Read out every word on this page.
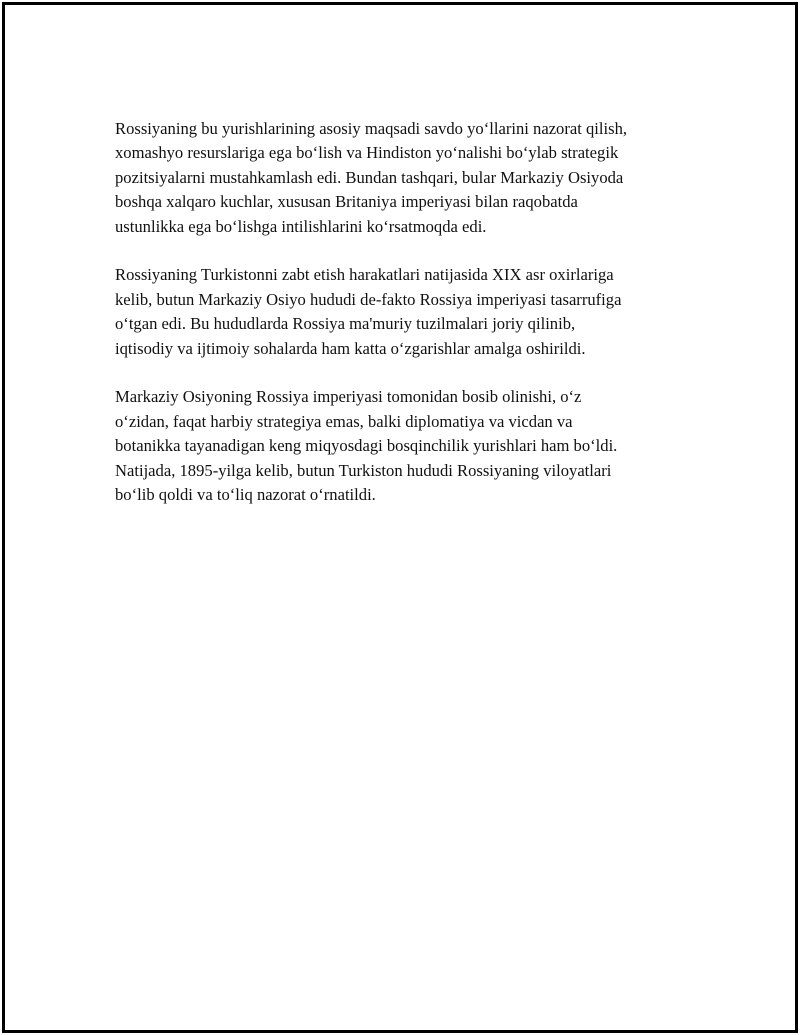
Rossiyaning bu yurishlarining asosiy maqsadi savdo yo‘llarini nazorat qilish,
xomashyo resurslariga ega bo‘lish va Hindiston yo‘nalishi bo‘ylab strategik
pozitsiyalarni mustahkamlash edi. Bundan tashqari, bular Markaziy Osiyoda
boshqa xalqaro kuchlar, xususan Britaniya imperiyasi bilan raqobatda
ustunlikka ega bo‘lishga intilishlarini ko‘rsatmoqda edi.

Rossiyaning Turkistonni zabt etish harakatlari natijasida XIX asr oxirlariga
kelib, butun Markaziy Osiyo hududi de-fakto Rossiya imperiyasi tasarrufiga
o‘tgan edi. Bu hududlarda Rossiya ma'muriy tuzilmalari joriy qilinib,
iqtisodiy va ijtimoiy sohalarda ham katta o‘zgarishlar amalga oshirildi.

Markaziy Osiyoning Rossiya imperiyasi tomonidan bosib olinishi, o‘z
o‘zidan, faqat harbiy strategiya emas, balki diplomatiya va vicdan va
botanikka tayanadigan keng miqyosdagi bosqinchilik yurishlari ham bo‘ldi.
Natijada, 1895-yilga kelib, butun Turkiston hududi Rossiyaning viloyatlari
bo‘lib qoldi va to‘liq nazorat o‘rnatildi.
